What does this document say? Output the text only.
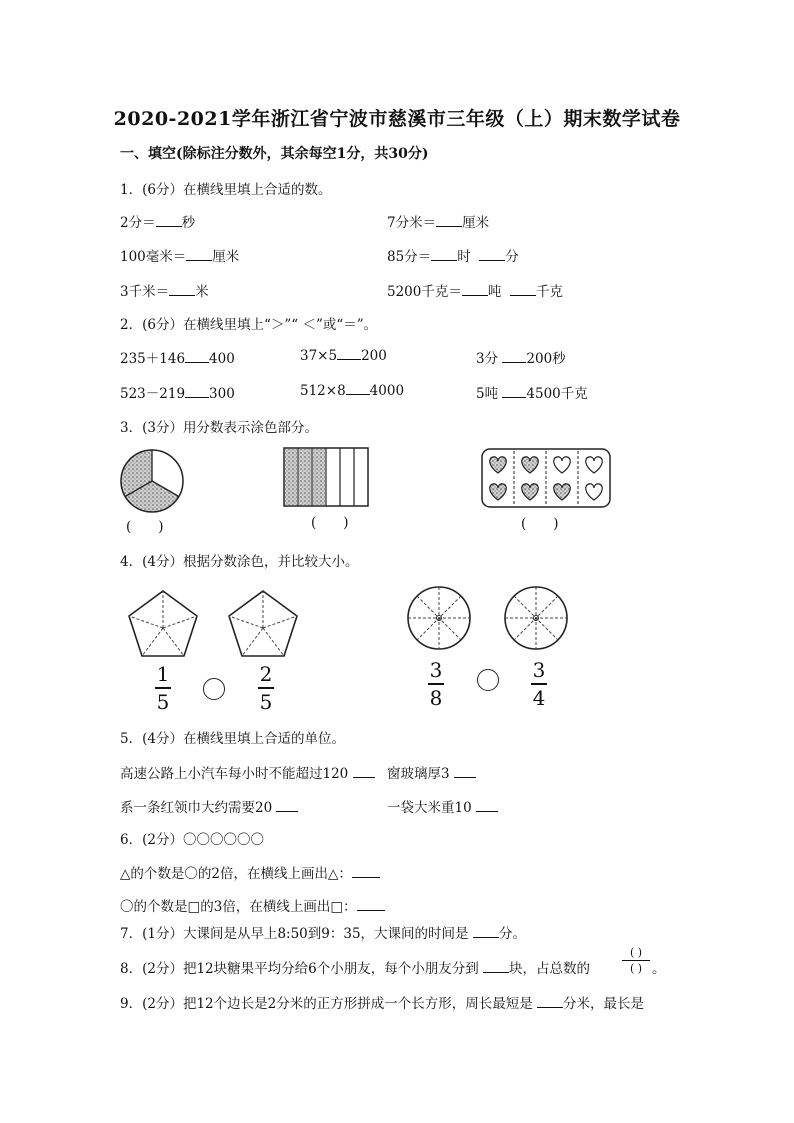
2020-2021学年浙江省宁波市慈溪市三年级（上）期末数学试卷
一、填空(除标注分数外，其余每空1分，共30分)
1．(6分）在横线里填上合适的数。
2分＝ 秒	7分米＝ 厘米
100毫米＝ 厘米	85分＝ 时	分
3千米＝ 米	5200千克＝ 吨	千克
2．(6分）在横线里填上“＞”“ ＜”或“＝”。
235＋146 400	37×5 200	3分 200秒
523－219 300	512×8 4000	5吨 4500千克
3．(3分）用分数表示涂色部分。
(　　)	(　　)	(　　)
4．(4分）根据分数涂色，并比较大小。
1
5
2
5
3
8
3
4
5．(4分）在横线里填上合适的单位。
高速公路上小汽车每小时不能超过120	窗玻璃厚3
系一条红领巾大约需要20	一袋大米重10
6．(2分）〇〇〇〇〇〇
△的个数是〇的2倍，在横线上画出△：
〇的个数是□的3倍，在横线上画出□：
7．(1分）大课间是从早上8:50到9：35，大课间的时间是 分。
8．(2分）把12块糖果平均分给6个小朋友，每个小朋友分到 块，占总数的
( )
( ) 。
9．(2分）把12个边长是2分米的正方形拼成一个长方形，周长最短是 分米，最长是
